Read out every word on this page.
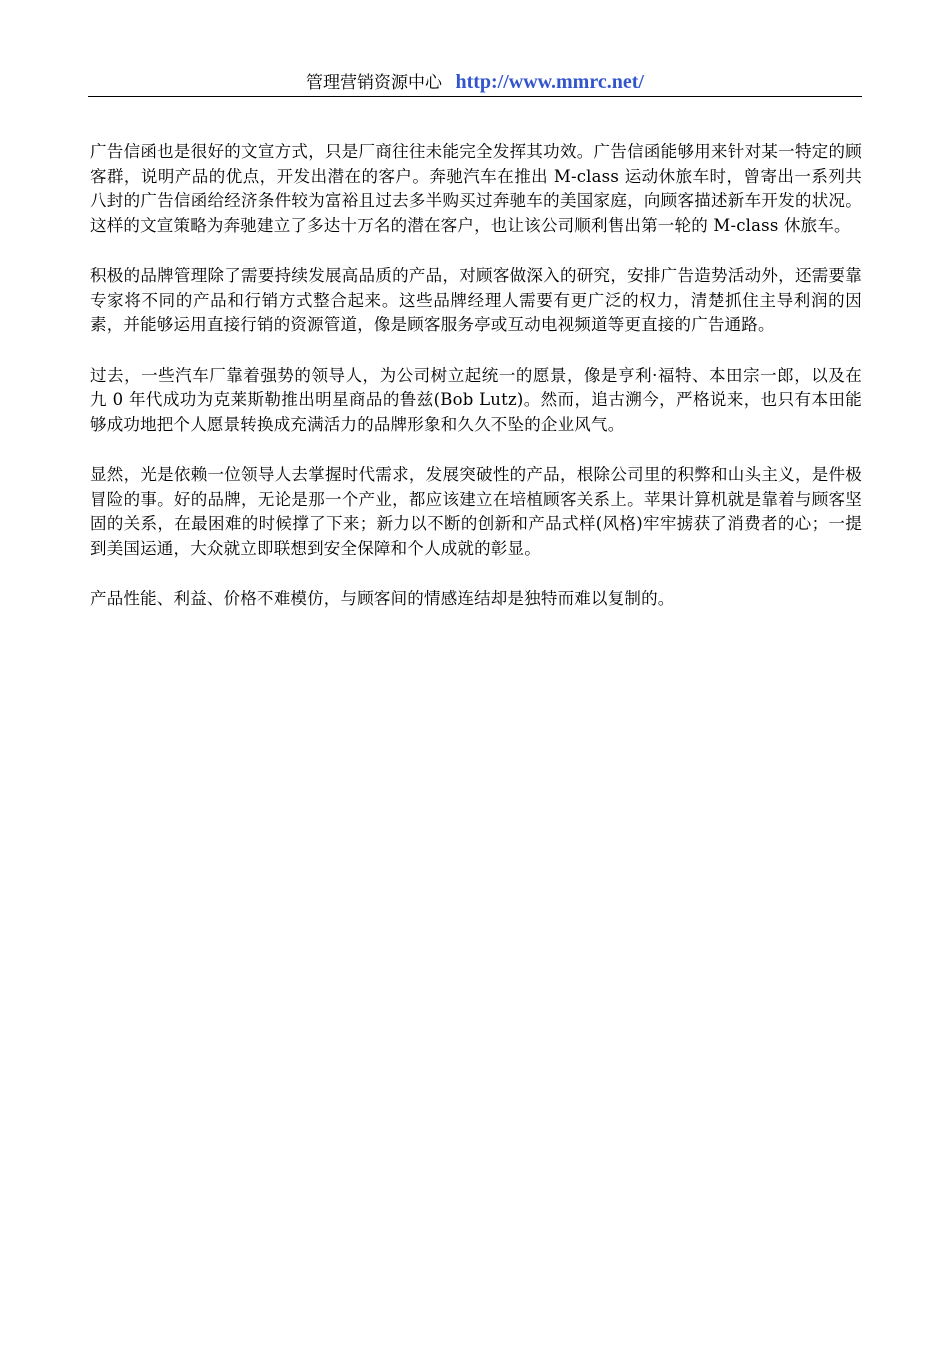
管理营销资源中心 http://www.mmrc.net/

广告信函也是很好的文宣方式，只是厂商往往未能完全发挥其功效。广告信函能够用来针对某一特定的顾客群，说明产品的优点，开发出潜在的客户。奔驰汽车在推出 M-class 运动休旅车时，曾寄出一系列共八封的广告信函给经济条件较为富裕且过去多半购买过奔驰车的美国家庭，向顾客描述新车开发的状况。这样的文宣策略为奔驰建立了多达十万名的潜在客户，也让该公司顺利售出第一轮的 M-class 休旅车。

积极的品牌管理除了需要持续发展高品质的产品，对顾客做深入的研究，安排广告造势活动外，还需要靠专家将不同的产品和行销方式整合起来。这些品牌经理人需要有更广泛的权力，清楚抓住主导利润的因素，并能够运用直接行销的资源管道，像是顾客服务亭或互动电视频道等更直接的广告通路。

过去，一些汽车厂靠着强势的领导人，为公司树立起统一的愿景，像是亨利·福特、本田宗一郎，以及在九 0 年代成功为克莱斯勒推出明星商品的鲁兹(Bob Lutz)。然而，追古溯今，严格说来，也只有本田能够成功地把个人愿景转换成充满活力的品牌形象和久久不坠的企业风气。

显然，光是依赖一位领导人去掌握时代需求，发展突破性的产品，根除公司里的积弊和山头主义，是件极冒险的事。好的品牌，无论是那一个产业，都应该建立在培植顾客关系上。苹果计算机就是靠着与顾客坚固的关系，在最困难的时候撑了下来；新力以不断的创新和产品式样(风格)牢牢掳获了消费者的心；一提到美国运通，大众就立即联想到安全保障和个人成就的彰显。

产品性能、利益、价格不难模仿，与顾客间的情感连结却是独特而难以复制的。
